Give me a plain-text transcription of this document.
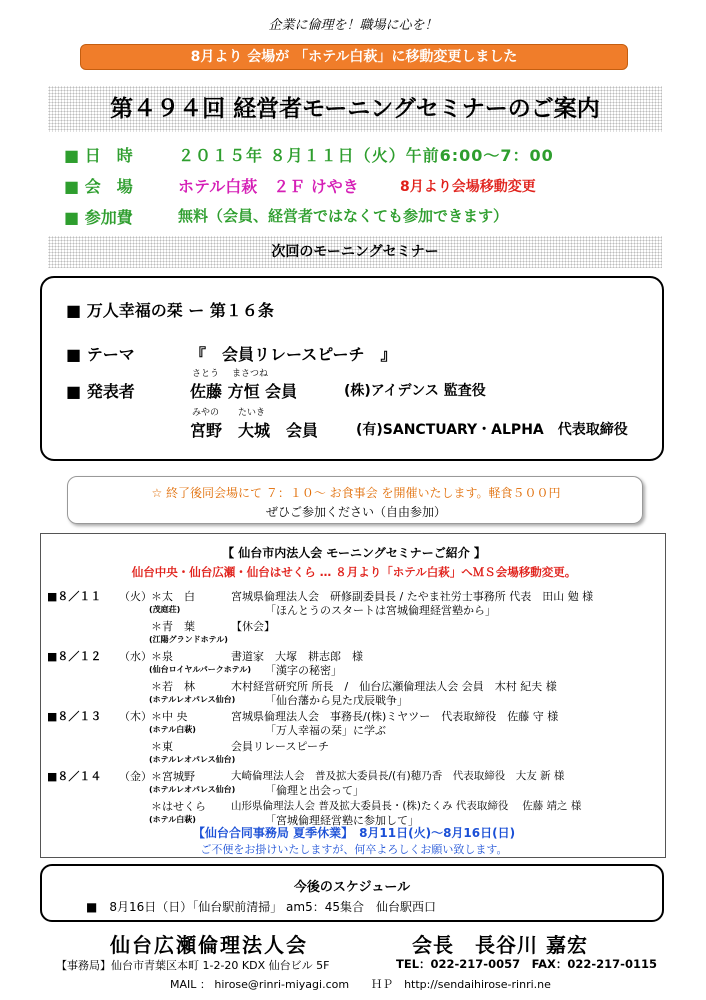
企業に倫理を！職場に心を！
8月より 会場が 「ホテル白萩」に移動変更しました
第４９４回 経営者モーニングセミナーのご案内
■ 日　時	２０１５年 ８月１１日（火）午前6:00～7：00
■ 会　場	ホテル白萩　２Ｆ けやき	8月より会場移動変更
■ 参加費	無料（会員、経営者ではなくても参加できます）
次回のモーニングセミナー
■ 万人幸福の栞 ー 第１６条
■ テーマ	『　会員リレースピーチ　』
さとう まさつね
■ 発表者	佐藤 方恒 会員	(株)アイデンス 監査役
みやの たいき
宮野　大城　会員	(有)SANCTUARY・ALPHA　代表取締役
☆ 終了後同会場にて ７：１０～ お食事会 を開催いたします。軽食５００円
ぜひご参加ください（自由参加）
【 仙台市内法人会 モーニングセミナーご紹介 】
仙台中央・仙台広瀬・仙台はせくら … ８月より「ホテル白萩」へＭＳ会場移動変更。
■８／１１ （火） ＊太　白
(茂庭荘)
宮城県倫理法人会　研修副委員長 / たやま社労士事務所 代表　田山 勉 様
「ほんとうのスタートは宮城倫理経営塾から」
＊青　葉
(江陽グランドホテル)
【休会】
■８／１２ （水） ＊泉
(仙台ロイヤルパークホテル)
書道家　大塚　耕志郎　様
「漢字の秘密」
＊若　林
(ホテルレオパレス仙台)
木村経営研究所 所長　/　仙台広瀬倫理法人会 会員　木村 紀夫 様
「仙台藩から見た戊辰戦争」
■８／１３ （木） ＊中 央
(ホテル白萩)
宮城県倫理法人会　事務長/(株)ミヤツー　代表取締役　佐藤 守 様
「万人幸福の栞」に学ぶ
＊東
(ホテルレオパレス仙台)
会員リレースピーチ
■８／１４ （金） ＊宮城野
(ホテルレオパレス仙台)
大崎倫理法人会　普及拡大委員長/(有)穂乃香　代表取締役　大友 新 様
「倫理と出会って」
＊はせくら
(ホテル白萩)
山形県倫理法人会 普及拡大委員長・(株)たくみ 代表取締役　 佐藤 靖之 様
「宮城倫理経営塾に参加して」
【仙台合同事務局 夏季休業】　8月11日(火)～8月16日(日)
ご不便をお掛けいたしますが、何卒よろしくお願い致します。
今後のスケジュール
■　8月16日（日）「仙台駅前清掃」 am5：45集合　仙台駅西口
仙台広瀬倫理法人会	会長　長谷川 嘉宏
【事務局】仙台市青葉区本町 1-2-20 KDX 仙台ビル 5F	TEL：022-217-0057　FAX：022-217-0115
MAIL ： hirose@rinri-miyagi.com　　ＨＰ　http://sendaihirose-rinri.ne
